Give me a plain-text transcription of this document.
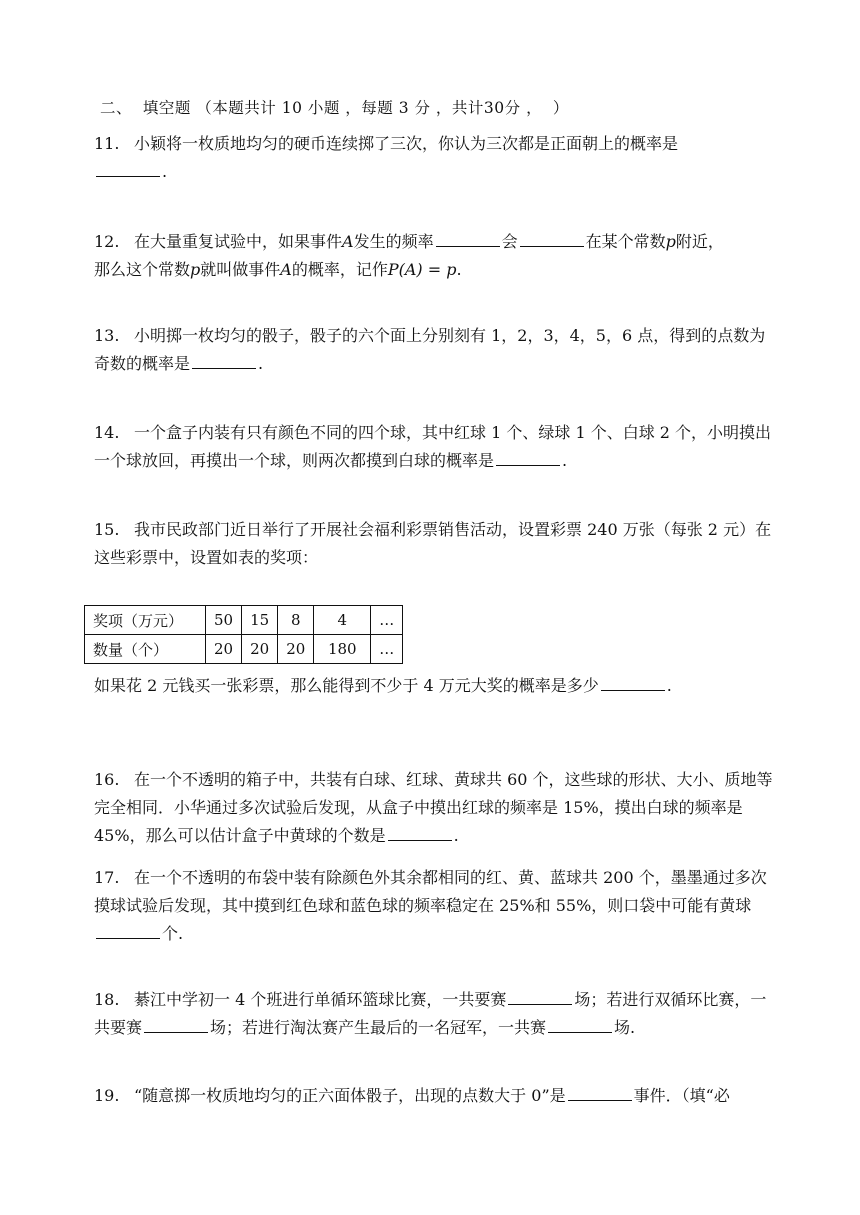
二、  填空题 （本题共计 10 小题 ，每题 3 分 ，共计30分 ，  ）
11. 小颖将一枚质地均匀的硬币连续掷了三次，你认为三次都是正面朝上的概率是
.
12. 在大量重复试验中，如果事件A发生的频率	会	在某个常数p附近，
那么这个常数p就叫做事件A的概率，记作P(A) = p.
13. 小明掷一枚均匀的骰子，骰子的六个面上分别刻有 1，2，3，4，5，6 点，得到的点数为奇数的概率是	.
14. 一个盒子内装有只有颜色不同的四个球，其中红球 1 个、绿球 1 个、白球 2 个，小明摸出一个球放回，再摸出一个球，则两次都摸到白球的概率是	.
15. 我市民政部门近日举行了开展社会福利彩票销售活动，设置彩票 240 万张（每张 2 元）在这些彩票中，设置如表的奖项：
奖项（万元）	50	15	8	4	…
数量（个）	20	20	20	180	…
如果花 2 元钱买一张彩票，那么能得到不少于 4 万元大奖的概率是多少	.
16. 在一个不透明的箱子中，共装有白球、红球、黄球共 60 个，这些球的形状、大小、质地等完全相同．小华通过多次试验后发现，从盒子中摸出红球的频率是 15%，摸出白球的频率是 45%，那么可以估计盒子中黄球的个数是	.
17. 在一个不透明的布袋中装有除颜色外其余都相同的红、黄、蓝球共 200 个，墨墨通过多次摸球试验后发现，其中摸到红色球和蓝色球的频率稳定在 25%和 55%，则口袋中可能有黄球个.
18. 綦江中学初一 4 个班进行单循环篮球比赛，一共要赛	场；若进行双循环比赛，一共要赛	场；若进行淘汰赛产生最后的一名冠军，一共赛	场.
19. “随意掷一枚质地均匀的正六面体骰子，出现的点数大于 0”是	事件．（填“必
